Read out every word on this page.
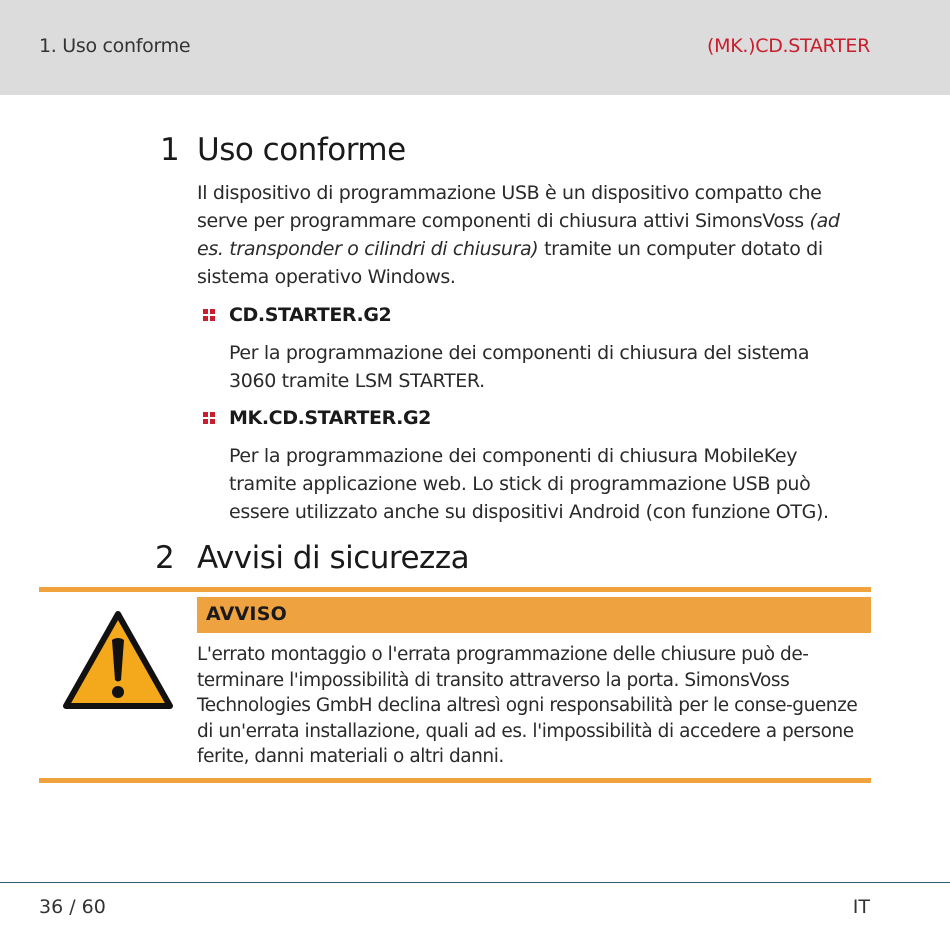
1. Uso conforme	(MK.)CD.STARTER
1 Uso conforme
Il dispositivo di programmazione USB è un dispositivo compatto che serve per programmare componenti di chiusura attivi SimonsVoss (ad es. transponder o cilindri di chiusura) tramite un computer dotato di sistema operativo Windows.
CD.STARTER.G2
Per la programmazione dei componenti di chiusura del sistema 3060 tramite LSM STARTER.
MK.CD.STARTER.G2
Per la programmazione dei componenti di chiusura MobileKey tramite applicazione web. Lo stick di programmazione USB può essere utilizzato anche su dispositivi Android (con funzione OTG).
2 Avvisi di sicurezza
AVVISO
L'errato montaggio o l'errata programmazione delle chiusure può de-terminare l'impossibilità di transito attraverso la porta. SimonsVoss Technologies GmbH declina altresì ogni responsabilità per le conse-guenze di un'errata installazione, quali ad es. l'impossibilità di accedere a persone ferite, danni materiali o altri danni.
36 / 60	IT
